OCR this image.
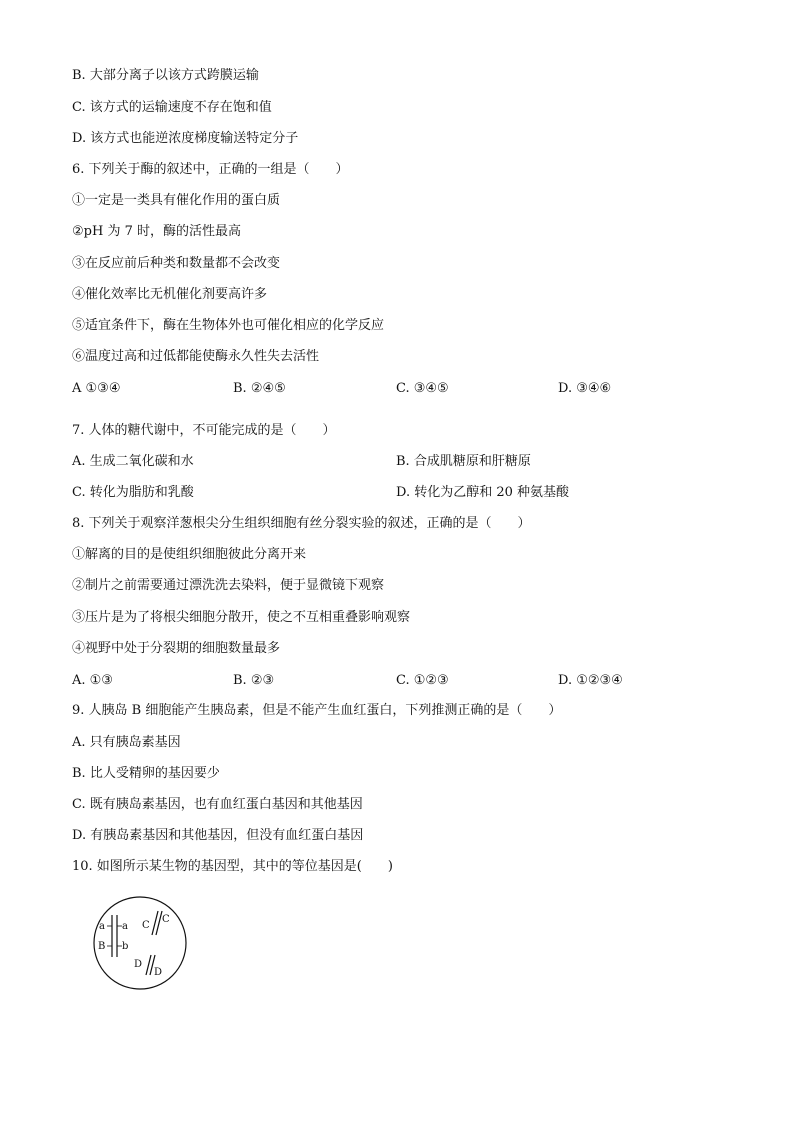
B. 大部分离子以该方式跨膜运输
C. 该方式的运输速度不存在饱和值
D. 该方式也能逆浓度梯度输送特定分子
6. 下列关于酶的叙述中，正确的一组是（　　）
①一定是一类具有催化作用的蛋白质
②pH 为 7 时，酶的活性最高
③在反应前后种类和数量都不会改变
④催化效率比无机催化剂要高许多
⑤适宜条件下，酶在生物体外也可催化相应的化学反应
⑥温度过高和过低都能使酶永久性失去活性
A ①③④	B. ②④⑤	C. ③④⑤	D. ③④⑥
7. 人体的糖代谢中，不可能完成的是（　　）
A. 生成二氧化碳和水	B. 合成肌糖原和肝糖原
C. 转化为脂肪和乳酸	D. 转化为乙醇和 20 种氨基酸
8. 下列关于观察洋葱根尖分生组织细胞有丝分裂实验的叙述，正确的是（　　）
①解离的目的是使组织细胞彼此分离开来
②制片之前需要通过漂洗洗去染料，便于显微镜下观察
③压片是为了将根尖细胞分散开，使之不互相重叠影响观察
④视野中处于分裂期的细胞数量最多
A. ①③	B. ②③	C. ①②③	D. ①②③④
9. 人胰岛 B 细胞能产生胰岛素，但是不能产生血红蛋白，下列推测正确的是（　　）
A. 只有胰岛素基因
B. 比人受精卵的基因要少
C. 既有胰岛素基因，也有血红蛋白基因和其他基因
D. 有胰岛素基因和其他基因，但没有血红蛋白基因
10. 如图所示某生物的基因型，其中的等位基因是(　　)
a a
B b
C
C
D
D
